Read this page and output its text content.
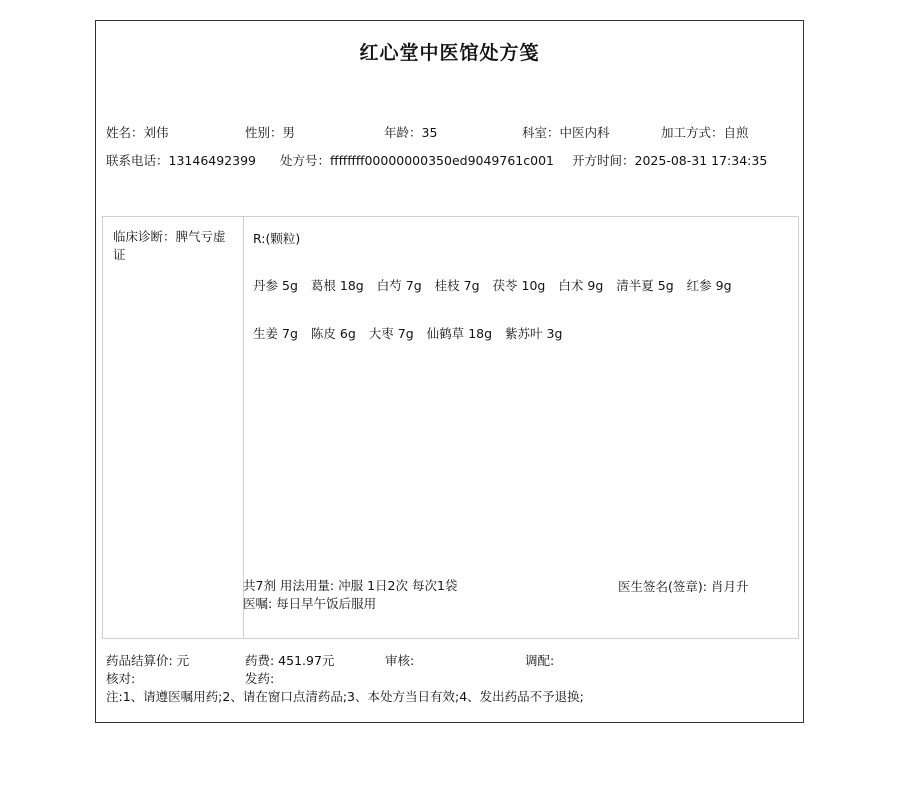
红心堂中医馆处方笺
姓名：刘伟	性别：男	年龄：35	科室：中医内科	加工方式：自煎
联系电话：13146492399 处方号：ffffffff00000000350ed9049761c001 开方时间：2025-08-31 17:34:35
临床诊断：脾气亏虚证
R:(颗粒)
丹参 5g 葛根 18g 白芍 7g 桂枝 7g 茯苓 10g 白术 9g 清半夏 5g 红参 9g
生姜 7g 陈皮 6g 大枣 7g 仙鹤草 18g 紫苏叶 3g
共7剂 用法用量: 冲服 1日2次 每次1袋
医嘱: 每日早午饭后服用
医生签名(签章): 肖月升
药品结算价: 元	药费: 451.97元	审核:	调配:
核对:	发药:
注:1、请遵医嘱用药;2、请在窗口点清药品;3、本处方当日有效;4、发出药品不予退换;
